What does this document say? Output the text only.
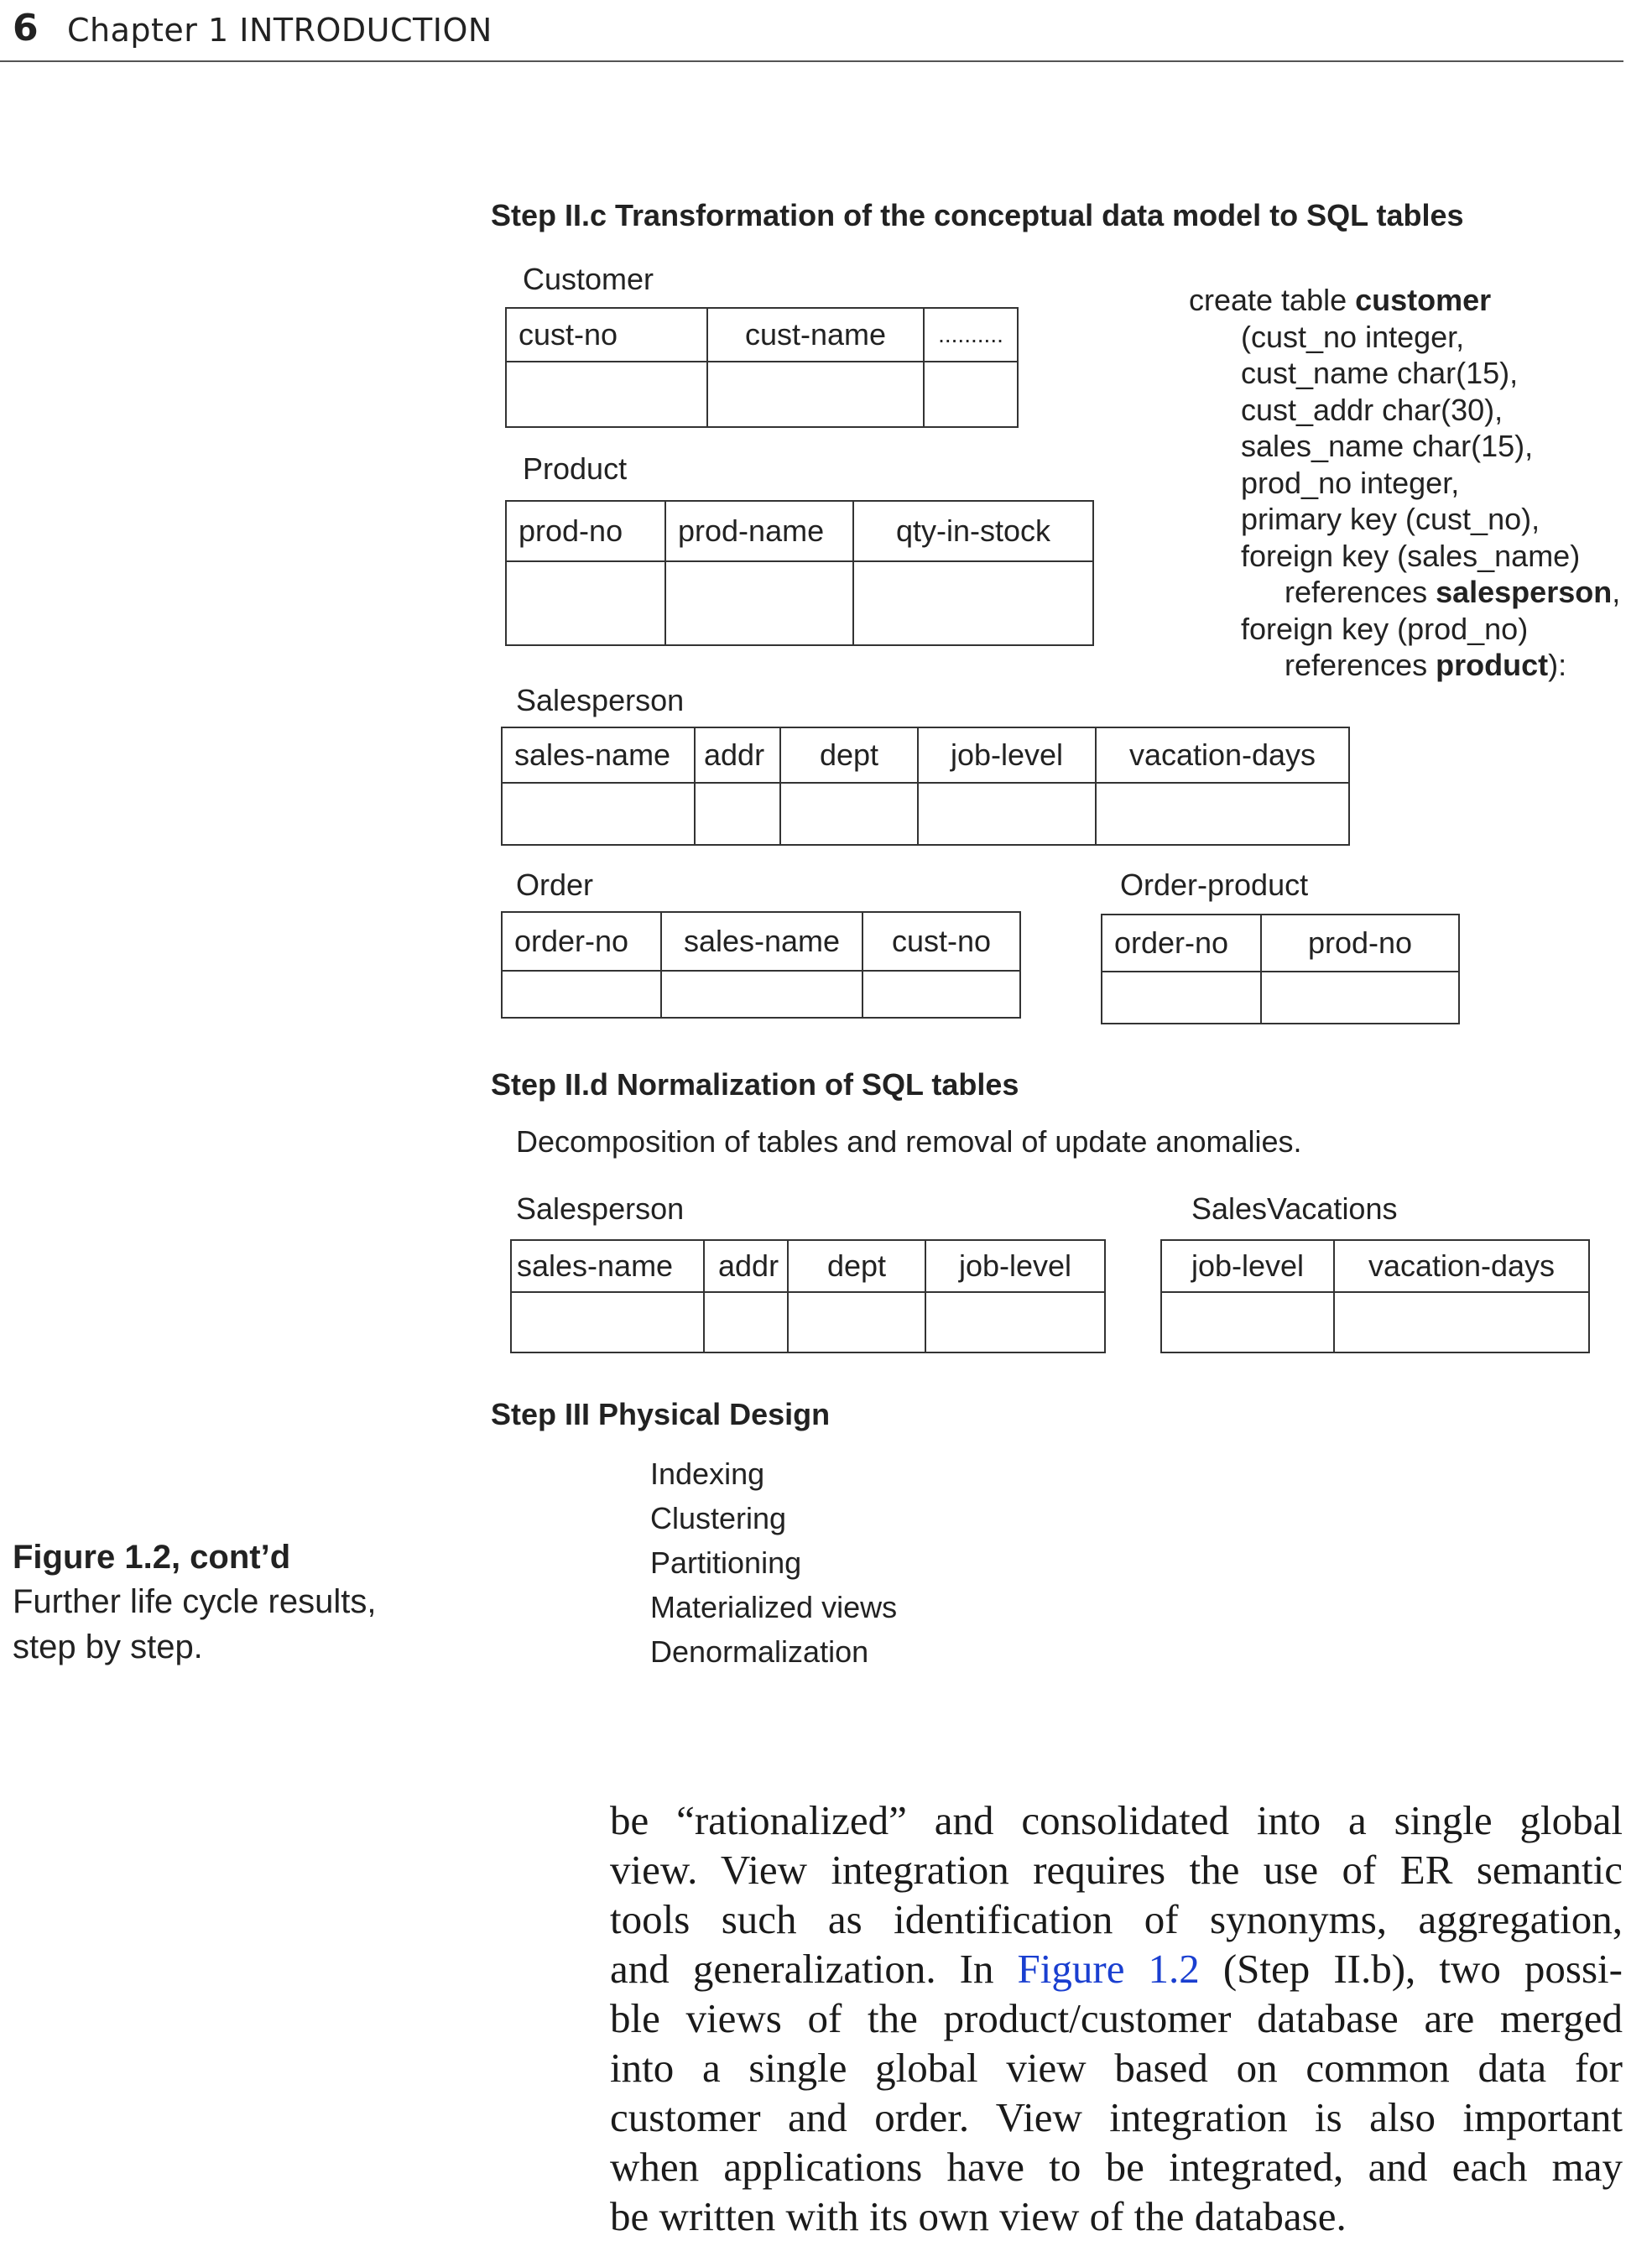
6 Chapter 1 INTRODUCTION
Step II.c Transformation of the conceptual data model to SQL tables
Customer
cust-no	cust-name	..........

Product
prod-no	prod-name	qty-in-stock

Salesperson
sales-name	addr	dept	job-level	vacation-days

Order
order-no	sales-name	cust-no

Order-product
order-no	prod-no

create table customer
(cust_no integer,
cust_name char(15),
cust_addr char(30),
sales_name char(15),
prod_no integer,
primary key (cust_no),
foreign key (sales_name)
references salesperson,
foreign key (prod_no)
references product):
Step II.d Normalization of SQL tables
Decomposition of tables and removal of update anomalies.
Salesperson
sales-name	addr	dept	job-level

SalesVacations
job-level	vacation-days

Step III Physical Design
Indexing
Clustering
Partitioning
Materialized views
Denormalization
Figure 1.2, cont’d
Further life cycle results,
step by step.
be “rationalized” and consolidated into a single global
view. View integration requires the use of ER semantic
tools such as identification of synonyms, aggregation,
and generalization. In Figure 1.2 (Step II.b), two possi-
ble views of the product/customer database are merged
into a single global view based on common data for
customer and order. View integration is also important
when applications have to be integrated, and each may
be written with its own view of the database.
